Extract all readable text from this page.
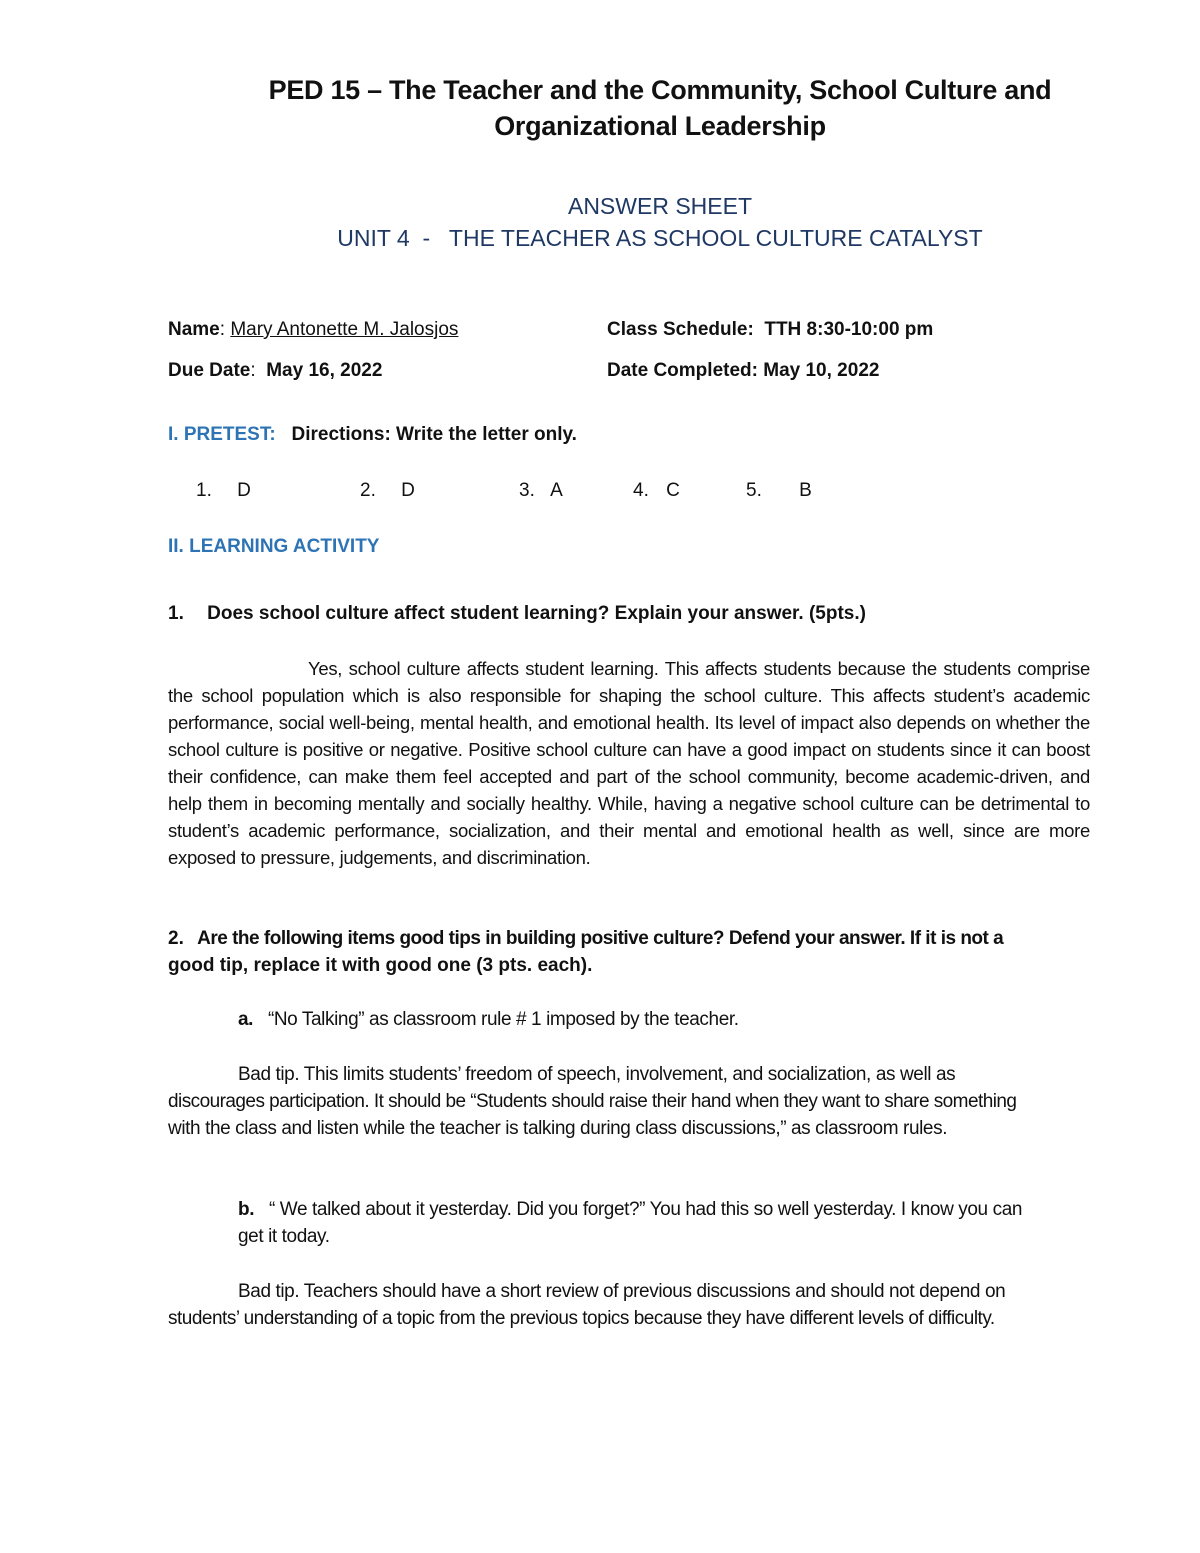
PED 15 – The Teacher and the Community, School Culture and
Organizational Leadership
ANSWER SHEET
UNIT 4  -   THE TEACHER AS SCHOOL CULTURE CATALYST
Name: Mary Antonette M. Jalosjos	Class Schedule: TTH 8:30-10:00 pm
Due Date:  May 16, 2022	Date Completed: May 10, 2022
I. PRETEST: Directions: Write the letter only.
1. D	2. D	3. A	4. C	5. B
II. LEARNING ACTIVITY
1. Does school culture affect student learning? Explain your answer. (5pts.)
Yes, school culture affects student learning. This affects students because the students comprise the school population which is also responsible for shaping the school culture. This affects student’s academic performance, social well-being, mental health, and emotional health. Its level of impact also depends on whether the school culture is positive or negative. Positive school culture can have a good impact on students since it can boost their confidence, can make them feel accepted and part of the school community, become academic-driven, and help them in becoming mentally and socially healthy. While, having a negative school culture can be detrimental to student’s academic performance, socialization, and their mental and emotional health as well, since are more exposed to pressure, judgements, and discrimination.
2. Are the following items good tips in building positive culture? Defend your answer. If it is not a
good tip, replace it with good one (3 pts. each).
a. “No Talking” as classroom rule # 1 imposed by the teacher.
Bad tip. This limits students’ freedom of speech, involvement, and socialization, as well as
discourages participation. It should be “Students should raise their hand when they want to share something
with the class and listen while the teacher is talking during class discussions,” as classroom rules.
b. “ We talked about it yesterday. Did you forget?” You had this so well yesterday. I know you can
get it today.
Bad tip. Teachers should have a short review of previous discussions and should not depend on
students’ understanding of a topic from the previous topics because they have different levels of difficulty.
